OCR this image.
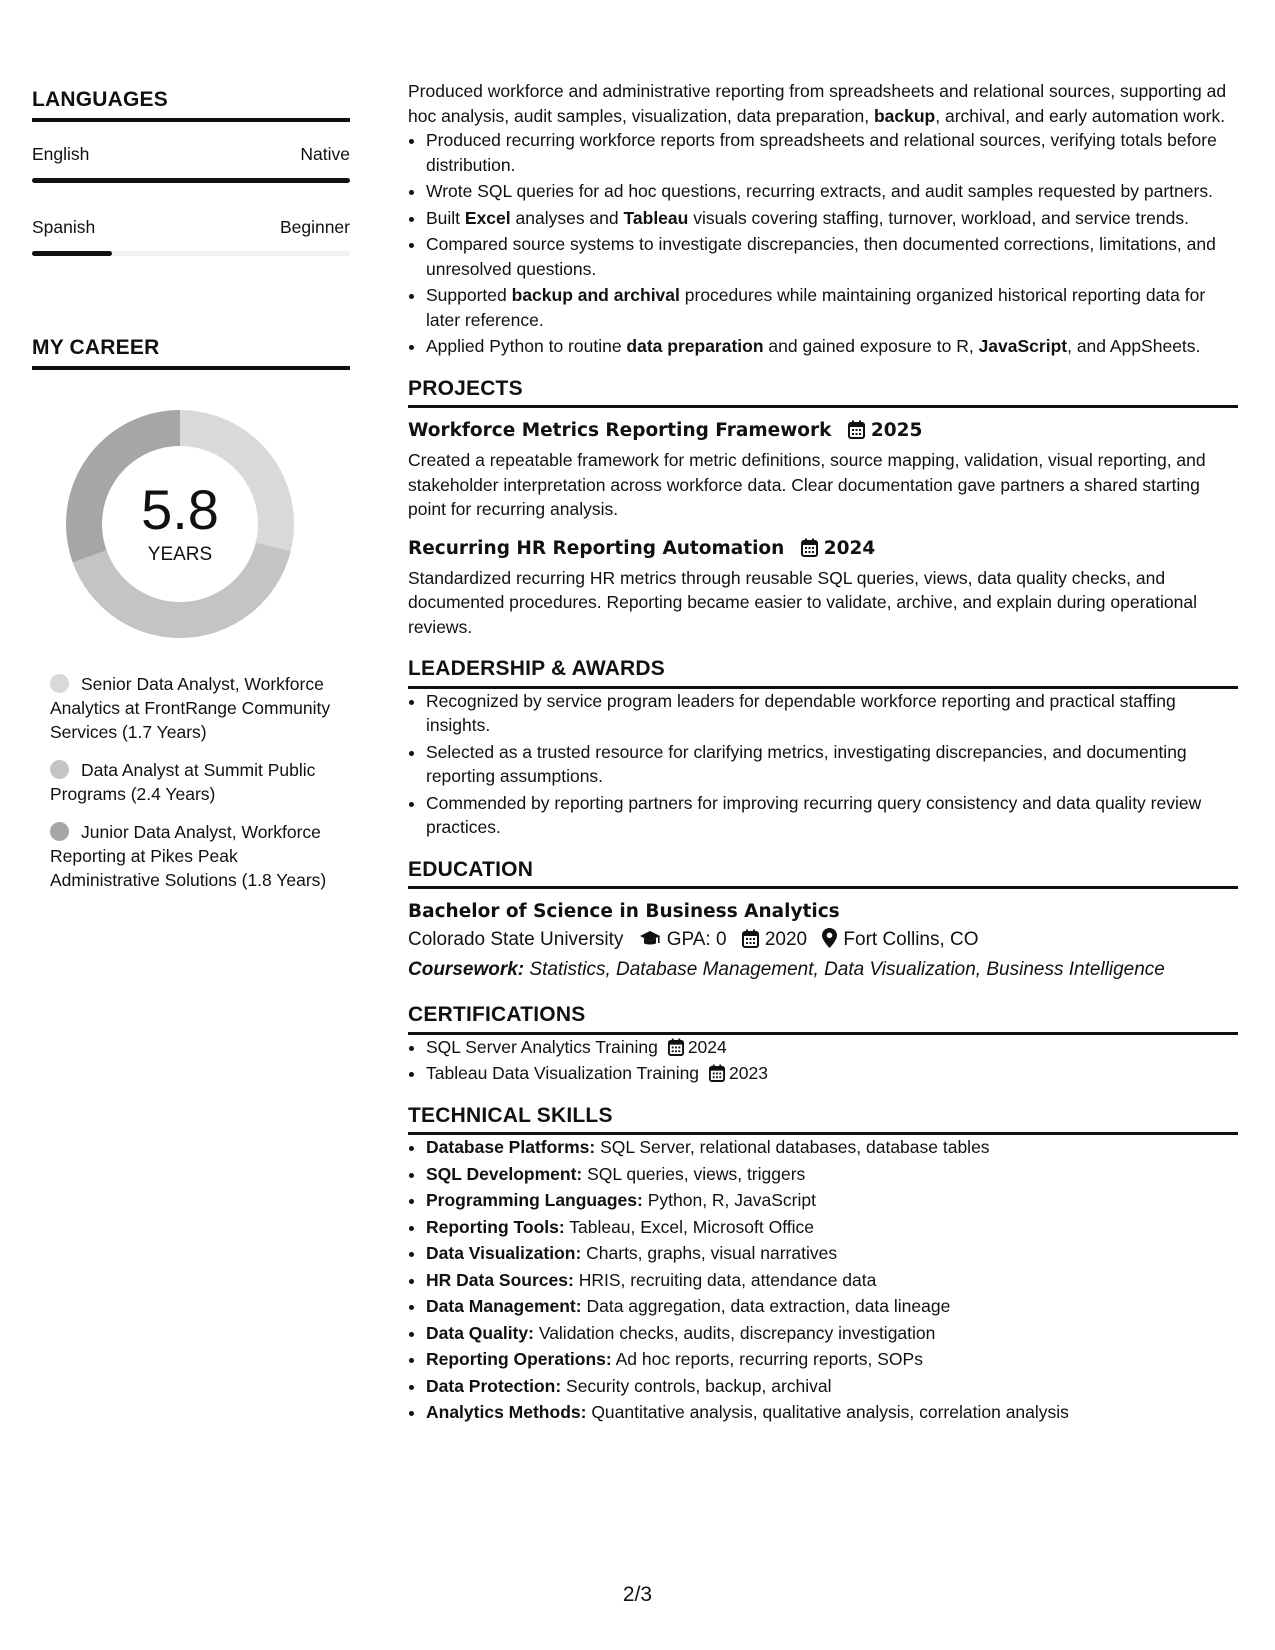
LANGUAGES
English	Native
Spanish	Beginner
MY CAREER
5.8
YEARS
Senior Data Analyst, Workforce Analytics at FrontRange Community Services (1.7 Years)
Data Analyst at Summit Public Programs (2.4 Years)
Junior Data Analyst, Workforce Reporting at Pikes Peak Administrative Solutions (1.8 Years)

Produced workforce and administrative reporting from spreadsheets and relational sources, supporting ad hoc analysis, audit samples, visualization, data preparation, backup, archival, and early automation work.

• Produced recurring workforce reports from spreadsheets and relational sources, verifying totals before distribution.
• Wrote SQL queries for ad hoc questions, recurring extracts, and audit samples requested by partners.
• Built Excel analyses and Tableau visuals covering staffing, turnover, workload, and service trends.
• Compared source systems to investigate discrepancies, then documented corrections, limitations, and unresolved questions.
• Supported backup and archival procedures while maintaining organized historical reporting data for later reference.
• Applied Python to routine data preparation and gained exposure to R, JavaScript, and AppSheets.
PROJECTS
Workforce Metrics Reporting Framework 2025

Created a repeatable framework for metric definitions, source mapping, validation, visual reporting, and stakeholder interpretation across workforce data. Clear documentation gave partners a shared starting point for recurring analysis.

Recurring HR Reporting Automation 2024

Standardized recurring HR metrics through reusable SQL queries, views, data quality checks, and documented procedures. Reporting became easier to validate, archive, and explain during operational reviews.

LEADERSHIP & AWARDS
• Recognized by service program leaders for dependable workforce reporting and practical staffing insights.
• Selected as a trusted resource for clarifying metrics, investigating discrepancies, and documenting reporting assumptions.
• Commended by reporting partners for improving recurring query consistency and data quality review practices.
EDUCATION
Bachelor of Science in Business Analytics
Colorado State University GPA: 0 2020 Fort Collins, CO
Coursework: Statistics, Database Management, Data Visualization, Business Intelligence
CERTIFICATIONS
• SQL Server Analytics Training 2024
• Tableau Data Visualization Training 2023
TECHNICAL SKILLS
• Database Platforms: SQL Server, relational databases, database tables
• SQL Development: SQL queries, views, triggers
• Programming Languages: Python, R, JavaScript
• Reporting Tools: Tableau, Excel, Microsoft Office
• Data Visualization: Charts, graphs, visual narratives
• HR Data Sources: HRIS, recruiting data, attendance data
• Data Management: Data aggregation, data extraction, data lineage
• Data Quality: Validation checks, audits, discrepancy investigation
• Reporting Operations: Ad hoc reports, recurring reports, SOPs
• Data Protection: Security controls, backup, archival
• Analytics Methods: Quantitative analysis, qualitative analysis, correlation analysis
2/3
